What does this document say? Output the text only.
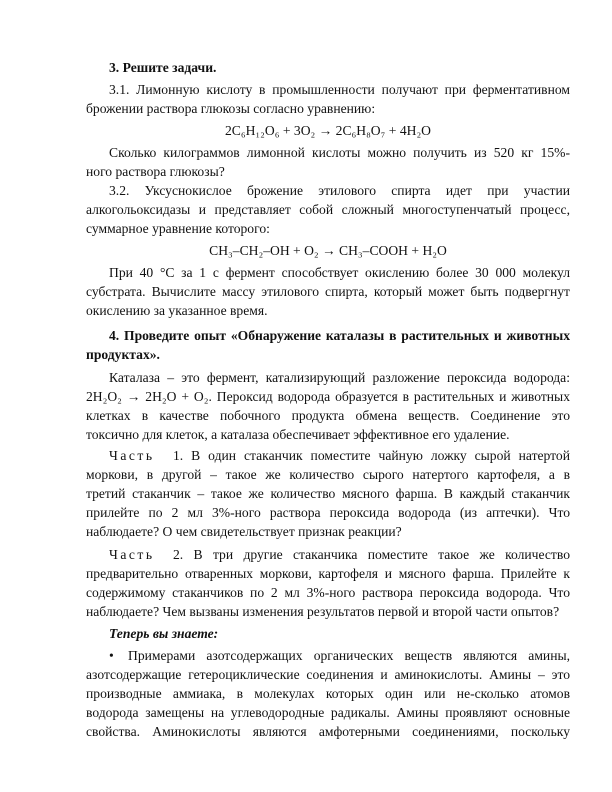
3. Решите задачи.
3.1. Лимонную кислоту в промышленности получают при ферментативном
брожении раствора глюкозы согласно уравнению:
2C₆H₁₂O₆ + 3O₂ → 2C₆H₈O₇ + 4H₂O
Сколько килограммов лимонной кислоты можно получить из 520 кг 15%-
ного раствора глюкозы?
3.2. Уксуснокислое брожение этилового спирта идет при участии
алкогольоксидазы и представляет собой сложный многоступенчатый процесс,
суммарное уравнение которого:
CH₃–CH₂–OH + O₂ → CH₃–COOH + H₂O
При 40 °С за 1 с фермент способствует окислению более 30 000 молекул
субстрата. Вычислите массу этилового спирта, который может быть подвергнут
окислению за указанное время.
4. Проведите опыт «Обнаружение каталазы в растительных и животных
продуктах».
Каталаза – это фермент, катализирующий разложение пероксида водорода:
2H₂O₂ → 2H₂O + O₂. Пероксид водорода образуется в растительных и животных
клетках в качестве побочного продукта обмена веществ. Соединение это
токсично для клеток, а каталаза обеспечивает эффективное его удаление.
Часть	1. В один стаканчик поместите чайную ложку сырой натертой
моркови, в другой – такое же количество сырого натертого картофеля, а в
третий стаканчик – такое же количество мясного фарша. В каждый стаканчик
прилейте по 2 мл 3%-ного раствора пероксида водорода (из аптечки). Что
наблюдаете? О чем свидетельствует признак реакции?
Часть	2. В три другие стаканчика поместите такое же количество
предварительно отваренных моркови, картофеля и мясного фарша. Прилейте к
содержимому стаканчиков по 2 мл 3%-ного раствора пероксида водорода. Что
наблюдаете? Чем вызваны изменения результатов первой и второй части опытов?
Теперь вы знаете:
•	Примерами азотсодержащих органических веществ являются амины,
азотсодержащие гетероциклические соединения и аминокислоты. Амины – это
производные аммиака, в молекулах которых один или не-сколько атомов
водорода замещены на углеводородные радикалы. Амины проявляют основные
свойства. Аминокислоты являются амфотерными соединениями, поскольку
